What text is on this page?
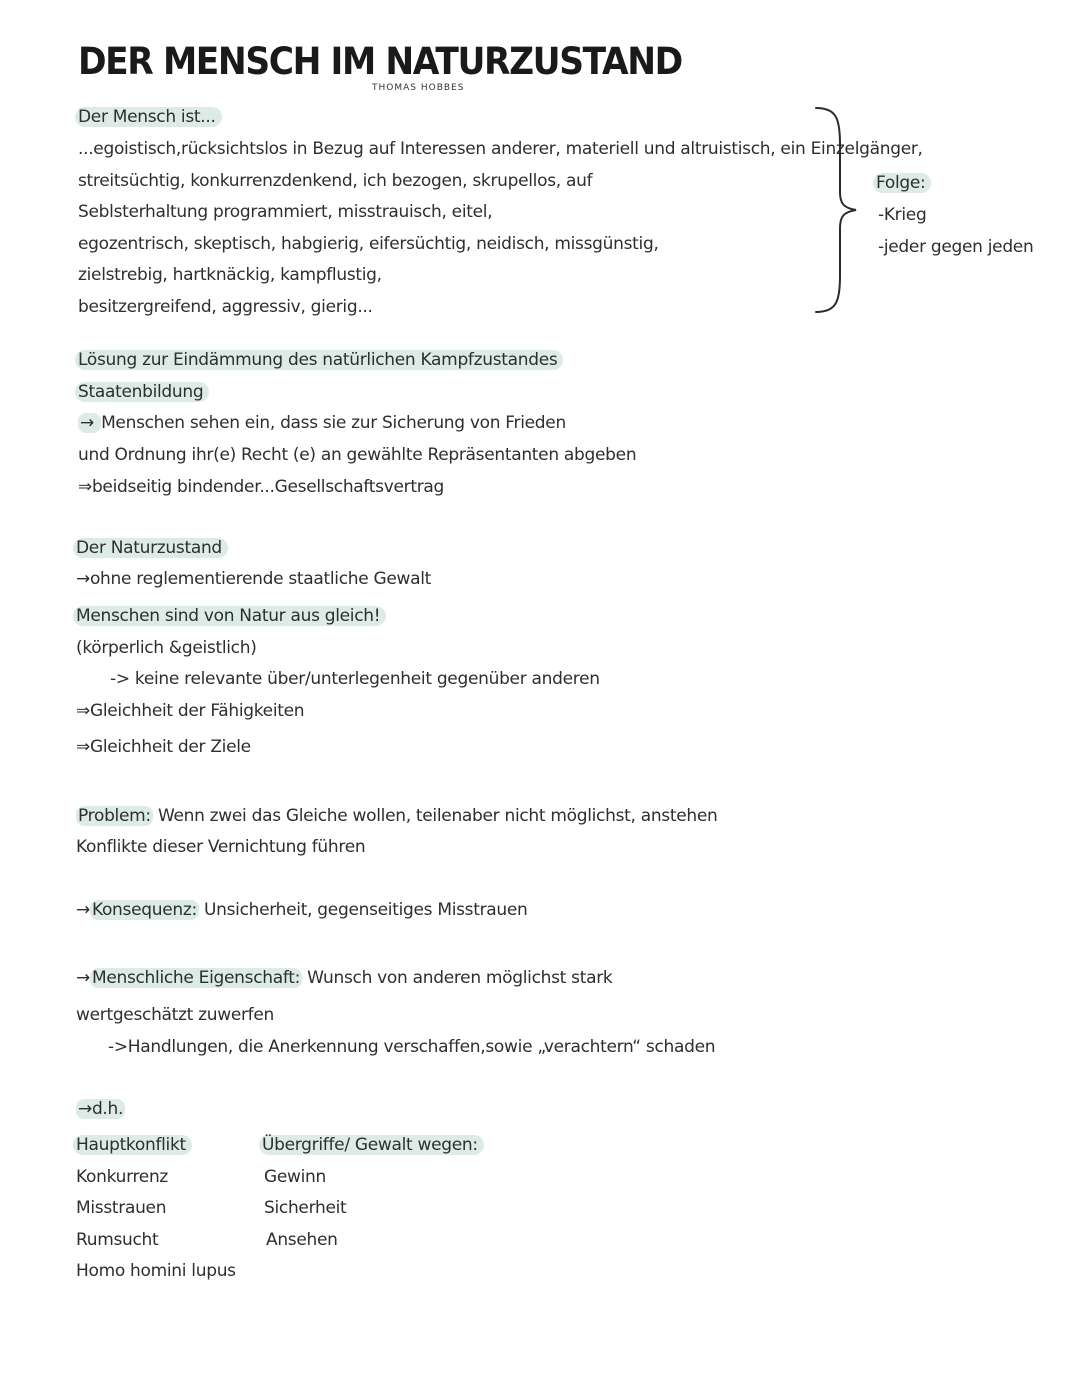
DER MENSCH IM NATURZUSTAND
THOMAS HOBBES
Der Mensch ist...
...egoistisch,rücksichtslos in Bezug auf Interessen anderer, materiell und altruistisch, ein Einzelgänger,
streitsüchtig, konkurrenzdenkend, ich bezogen, skrupellos, auf
Seblsterhaltung programmiert, misstrauisch, eitel,
egozentrisch, skeptisch, habgierig, eifersüchtig, neidisch, missgünstig,
zielstrebig, hartknäckig, kampflustig,
besitzergreifend, aggressiv, gierig...
Folge:
-Krieg
-jeder gegen jeden
Lösung zur Eindämmung des natürlichen Kampfzustandes
Staatenbildung
→ Menschen sehen ein, dass sie zur Sicherung von Frieden
und Ordnung ihr(e) Recht (e) an gewählte Repräsentanten abgeben
⇒beidseitig bindender...Gesellschaftsvertrag
Der Naturzustand
→ohne reglementierende staatliche Gewalt
Menschen sind von Natur aus gleich!
(körperlich &geistlich)
-> keine relevante über/unterlegenheit gegenüber anderen
⇒Gleichheit der Fähigkeiten
⇒Gleichheit der Ziele
Problem: Wenn zwei das Gleiche wollen, teilenaber nicht möglichst, anstehen
Konflikte dieser Vernichtung führen
→ Konsequenz: Unsicherheit, gegenseitiges Misstrauen
→ Menschliche Eigenschaft: Wunsch von anderen möglichst stark
wertgeschätzt zuwerfen
->Handlungen, die Anerkennung verschaffen,sowie „verachtern“ schaden
→d.h.
Hauptkonflikt
Konkurrenz
Misstrauen
Rumsucht
Homo homini lupus
Übergriffe/ Gewalt wegen:
Gewinn
Sicherheit
Ansehen
